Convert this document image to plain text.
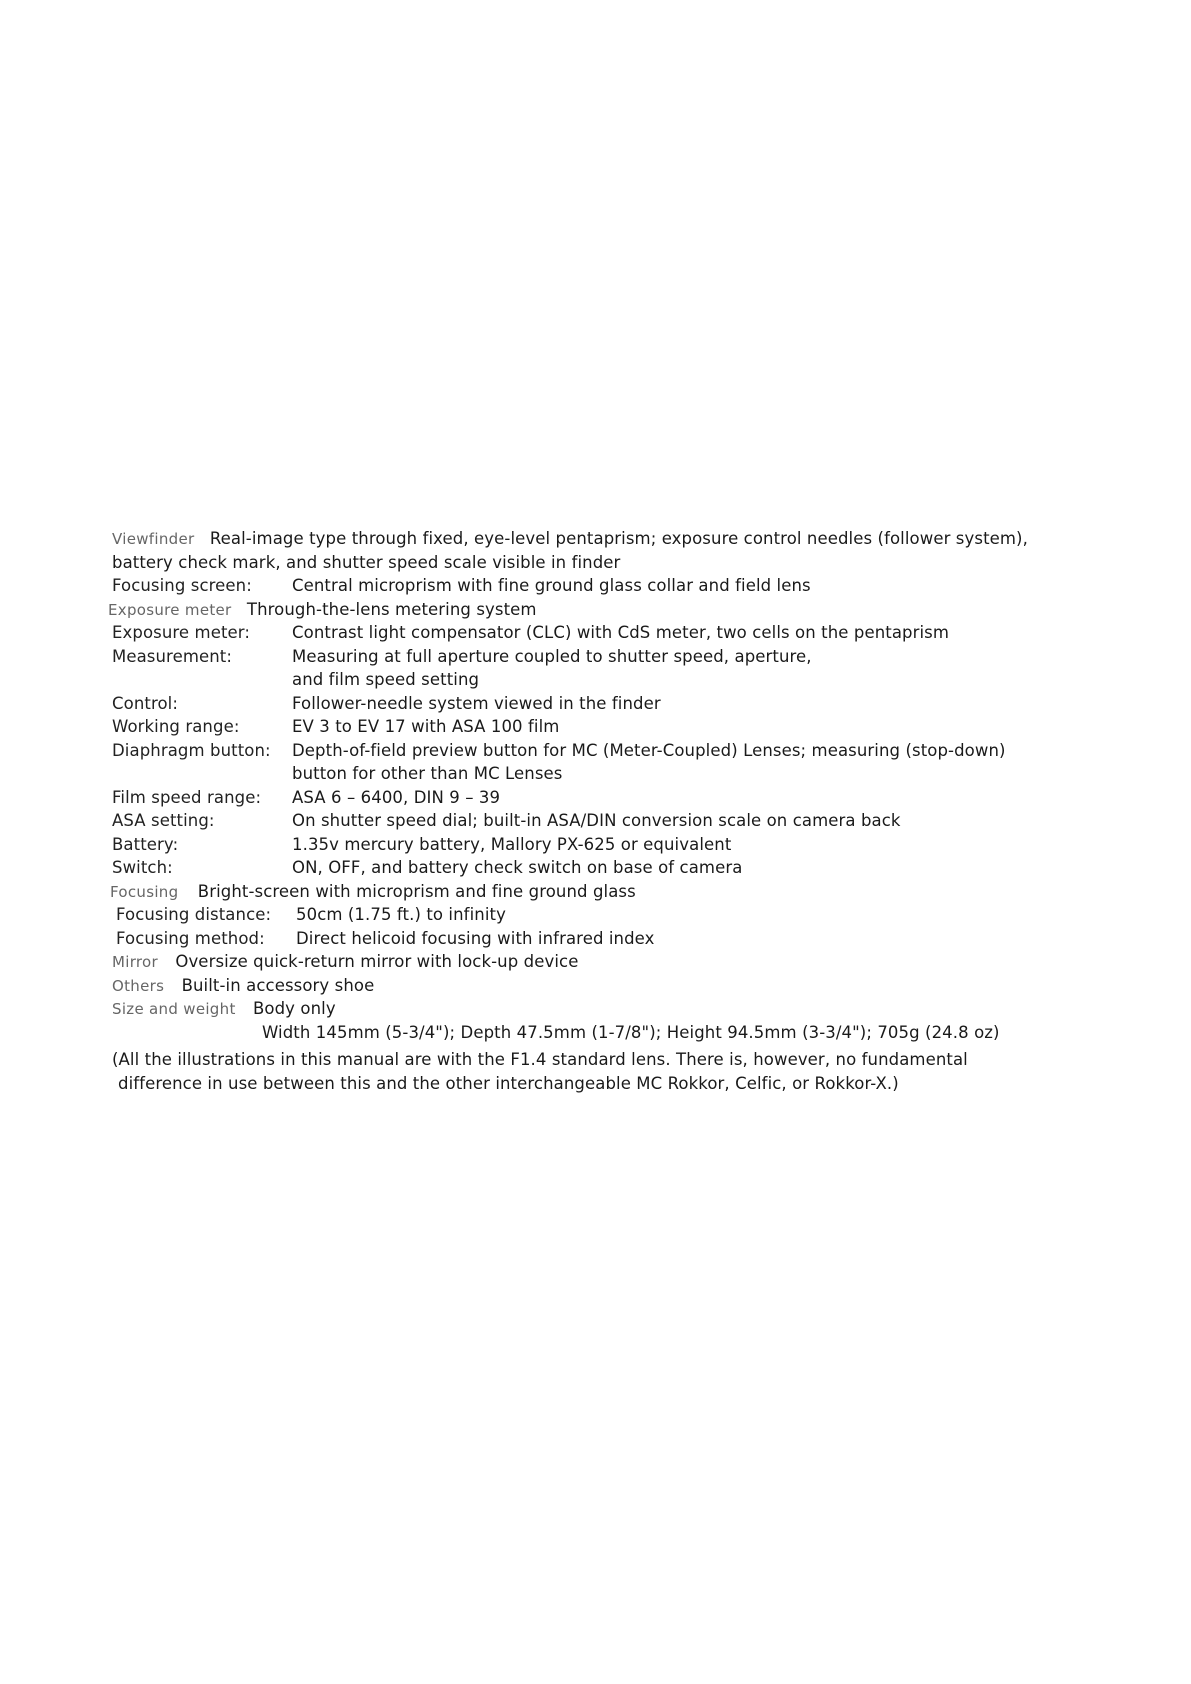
Viewfinder Real-image type through fixed, eye-level pentaprism; exposure control needles (follower system),
battery check mark, and shutter speed scale visible in finder
Focusing screen: Central microprism with fine ground glass collar and field lens
Exposure meter Through-the-lens metering system
Exposure meter:	Contrast light compensator (CLC) with CdS meter, two cells on the pentaprism
Measurement:	Measuring at full aperture coupled to shutter speed, aperture,
and film speed setting
Control:	Follower-needle system viewed in the finder
Working range:	EV 3 to EV 17 with ASA 100 film
Diaphragm button: Depth-of-field preview button for MC (Meter-Coupled) Lenses; measuring (stop-down)
button for other than MC Lenses
Film speed range: ASA 6 – 6400, DIN 9 – 39
ASA setting:	On shutter speed dial; built-in ASA/DIN conversion scale on camera back
Battery:	1.35v mercury battery, Mallory PX-625 or equivalent
Switch:	ON, OFF, and battery check switch on base of camera
Focusing Bright-screen with microprism and fine ground glass
Focusing distance: 50cm (1.75 ft.) to infinity
Focusing method: Direct helicoid focusing with infrared index
Mirror Oversize quick-return mirror with lock-up device
Others Built-in accessory shoe
Size and weight Body only
Width 145mm (5-3/4"); Depth 47.5mm (1-7/8"); Height 94.5mm (3-3/4"); 705g (24.8 oz)
(All the illustrations in this manual are with the F1.4 standard lens. There is, however, no fundamental
difference in use between this and the other interchangeable MC Rokkor, Celfic, or Rokkor-X.)
